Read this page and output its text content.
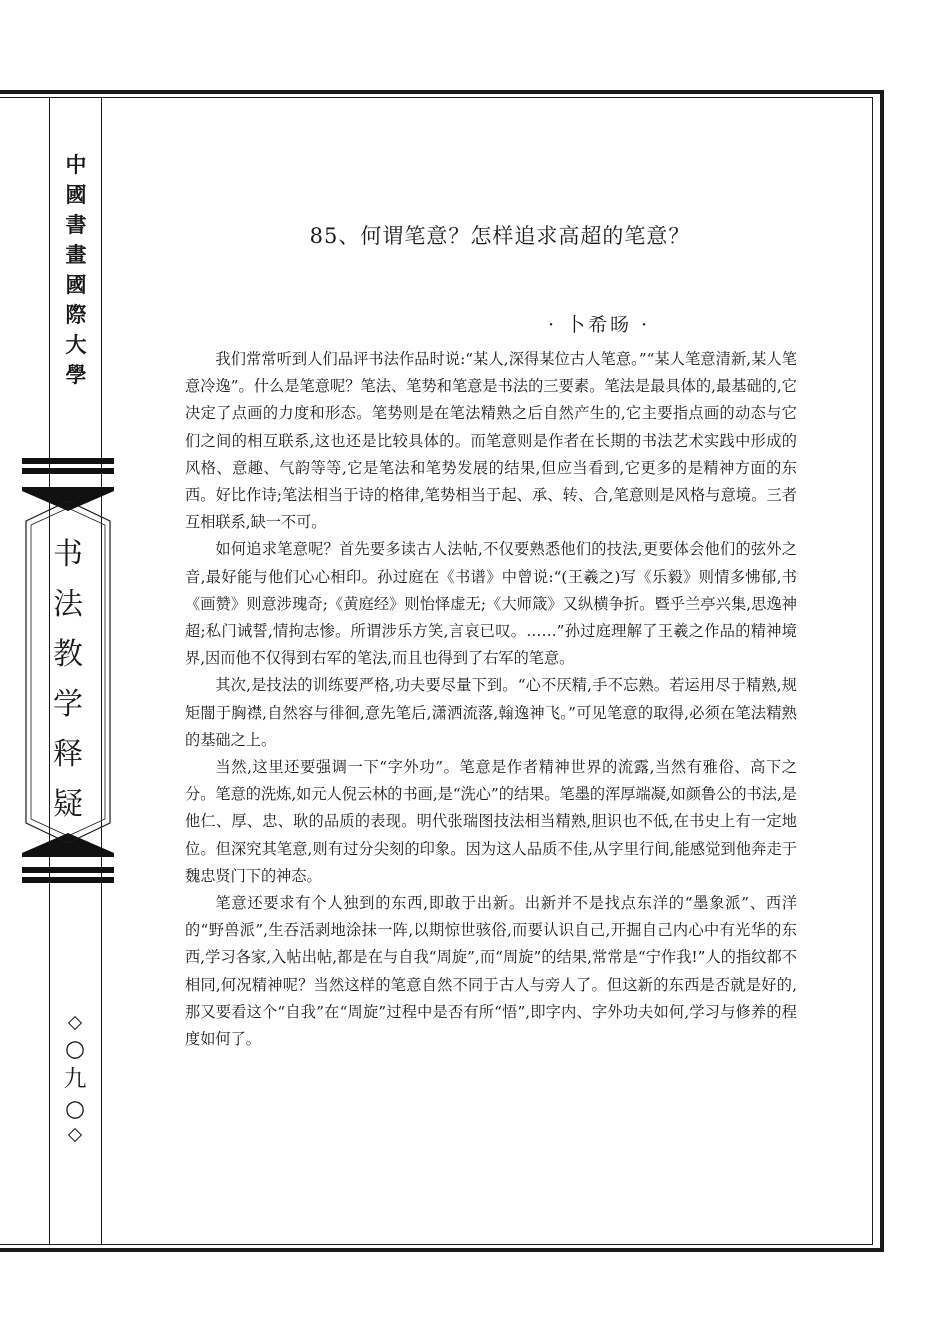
中
國
書
畫
國
際
大
學
书
法
教
学
释
疑
○
九
○
85、何谓笔意？怎样追求高超的笔意？
· 卜希旸 ·

我们常常听到人们品评书法作品时说:“某人,深得某位古人笔意。”“某人笔意清新,某人笔意冷逸”。什么是笔意呢？笔法、笔势和笔意是书法的三要素。笔法是最具体的,最基础的,它决定了点画的力度和形态。笔势则是在笔法精熟之后自然产生的,它主要指点画的动态与它们之间的相互联系,这也还是比较具体的。而笔意则是作者在长期的书法艺术实践中形成的风格、意趣、气韵等等,它是笔法和笔势发展的结果,但应当看到,它更多的是精神方面的东西。好比作诗;笔法相当于诗的格律,笔势相当于起、承、转、合,笔意则是风格与意境。三者互相联系,缺一不可。

如何追求笔意呢？首先要多读古人法帖,不仅要熟悉他们的技法,更要体会他们的弦外之音,最好能与他们心心相印。孙过庭在《书谱》中曾说:“(王羲之)写《乐毅》则情多怫郁,书《画赞》则意涉瑰奇;《黄庭经》则怡怿虚无;《大师箴》又纵横争折。暨乎兰亭兴集,思逸神超;私门诫誓,情拘志惨。所谓涉乐方笑,言哀已叹。……”孙过庭理解了王羲之作品的精神境界,因而他不仅得到右军的笔法,而且也得到了右军的笔意。

其次,是技法的训练要严格,功夫要尽量下到。“心不厌精,手不忘熟。若运用尽于精熟,规矩闇于胸襟,自然容与徘徊,意先笔后,潇洒流落,翰逸神飞。”可见笔意的取得,必须在笔法精熟的基础之上。

当然,这里还要强调一下“字外功”。笔意是作者精神世界的流露,当然有雅俗、高下之分。笔意的洗炼,如元人倪云林的书画,是“洗心”的结果。笔墨的浑厚端凝,如颜鲁公的书法,是他仁、厚、忠、耿的品质的表现。明代张瑞图技法相当精熟,胆识也不低,在书史上有一定地位。但深究其笔意,则有过分尖刻的印象。因为这人品质不佳,从字里行间,能感觉到他奔走于魏忠贤门下的神态。

笔意还要求有个人独到的东西,即敢于出新。出新并不是找点东洋的“墨象派”、西洋的“野兽派”,生吞活剥地涂抹一阵,以期惊世骇俗,而要认识自己,开掘自己内心中有光华的东西,学习各家,入帖出帖,都是在与自我“周旋”,而“周旋”的结果,常常是“宁作我!”人的指纹都不相同,何况精神呢？当然这样的笔意自然不同于古人与旁人了。但这新的东西是否就是好的,那又要看这个“自我”在“周旋”过程中是否有所“悟”,即字内、字外功夫如何,学习与修养的程度如何了。
